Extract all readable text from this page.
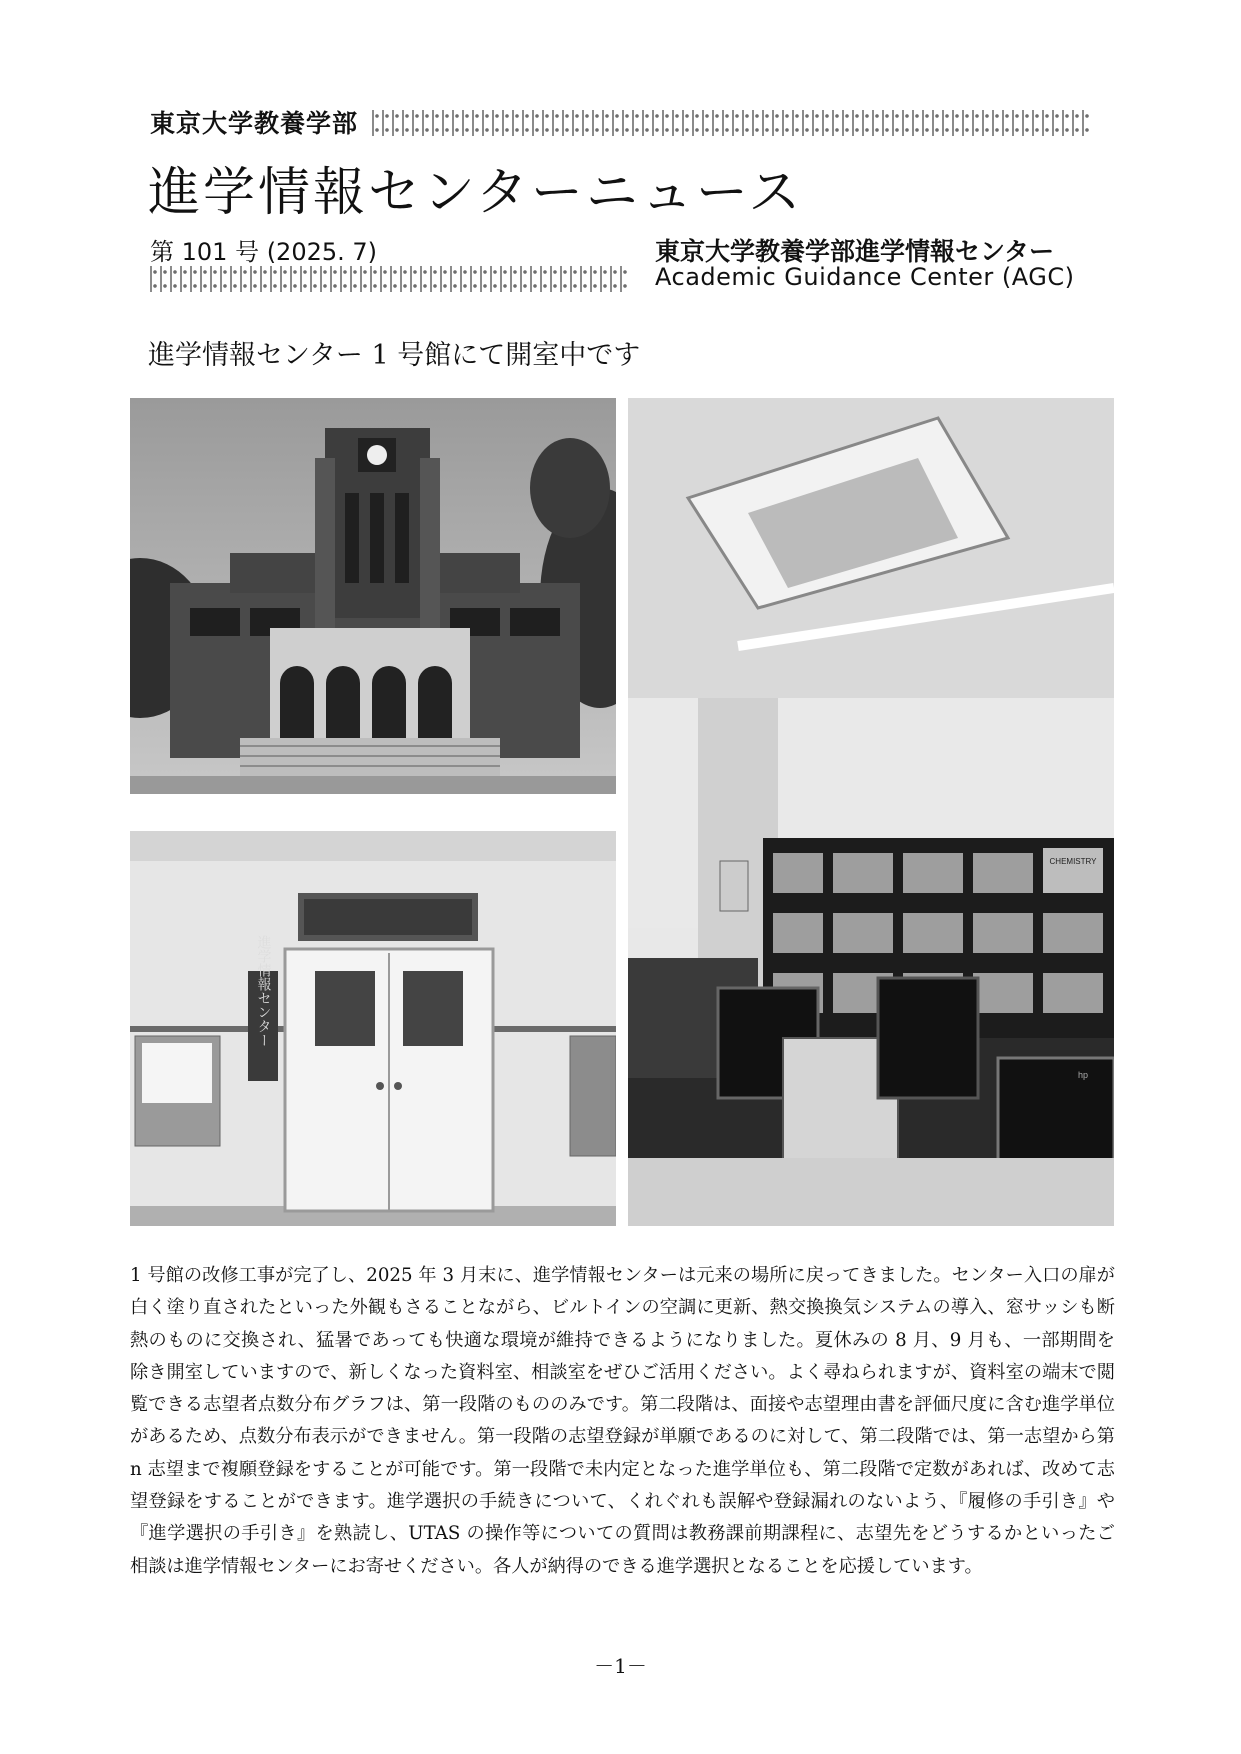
東京大学教養学部
進学情報センターニュース
第 101 号 (2025. 7)	東京大学教養学部進学情報センター
Academic Guidance Center (AGC)
進学情報センター 1 号館にて開室中です
進学情報センター
CHEMISTRY
hp
1 号館の改修工事が完了し、2025 年 3 月末に、進学情報センターは元来の場所に戻ってきました。センター入口の扉が白く塗り直されたといった外観もさることながら、ビルトインの空調に更新、熱交換換気システムの導入、窓サッシも断熱のものに交換され、猛暑であっても快適な環境が維持できるようになりました。夏休みの 8 月、9 月も、一部期間を除き開室していますので、新しくなった資料室、相談室をぜひご活用ください。よく尋ねられますが、資料室の端末で閲覧できる志望者点数分布グラフは、第一段階のもののみです。第二段階は、面接や志望理由書を評価尺度に含む進学単位があるため、点数分布表示ができません。第一段階の志望登録が単願であるのに対して、第二段階では、第一志望から第 n 志望まで複願登録をすることが可能です。第一段階で未内定となった進学単位も、第二段階で定数があれば、改めて志望登録をすることができます。進学選択の手続きについて、くれぐれも誤解や登録漏れのないよう、『履修の手引き』や『進学選択の手引き』を熟読し、UTAS の操作等についての質問は教務課前期課程に、志望先をどうするかといったご相談は進学情報センターにお寄せください。各人が納得のできる進学選択となることを応援しています。
－1－
